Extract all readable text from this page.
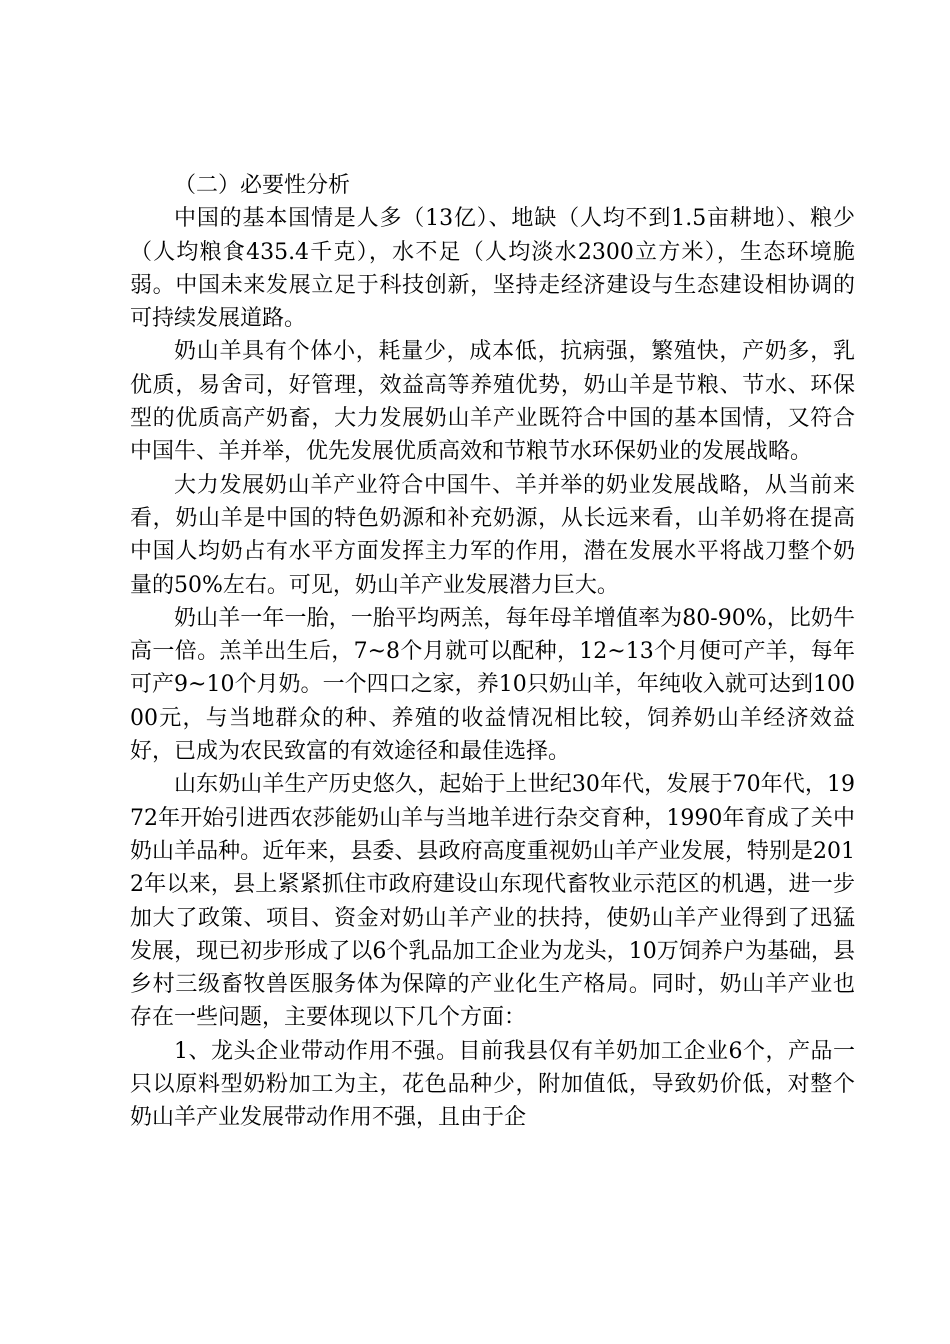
（二）必要性分析

中国的基本国情是人多（13亿）、地缺（人均不到1.5亩耕地）、粮少（人均粮食435.4千克），水不足（人均淡水2300立方米），生态环境脆弱。中国未来发展立足于科技创新，坚持走经济建设与生态建设相协调的可持续发展道路。

奶山羊具有个体小，耗量少，成本低，抗病强，繁殖快，产奶多，乳优质，易舍司，好管理，效益高等养殖优势，奶山羊是节粮、节水、环保型的优质高产奶畜，大力发展奶山羊产业既符合中国的基本国情，又符合中国牛、羊并举，优先发展优质高效和节粮节水环保奶业的发展战略。

大力发展奶山羊产业符合中国牛、羊并举的奶业发展战略，从当前来看，奶山羊是中国的特色奶源和补充奶源，从长远来看，山羊奶将在提高中国人均奶占有水平方面发挥主力军的作用，潜在发展水平将战刀整个奶量的50%左右。可见，奶山羊产业发展潜力巨大。

奶山羊一年一胎，一胎平均两羔，每年母羊增值率为80-90%，比奶牛高一倍。羔羊出生后，7~8个月就可以配种，12~13个月便可产羊，每年可产9~10个月奶。一个四口之家，养10只奶山羊，年纯收入就可达到10000元，与当地群众的种、养殖的收益情况相比较，饲养奶山羊经济效益好，已成为农民致富的有效途径和最佳选择。

山东奶山羊生产历史悠久，起始于上世纪30年代，发展于70年代，1972年开始引进西农莎能奶山羊与当地羊进行杂交育种，1990年育成了关中奶山羊品种。近年来，县委、县政府高度重视奶山羊产业发展，特别是2012年以来，县上紧紧抓住市政府建设山东现代畜牧业示范区的机遇，进一步加大了政策、项目、资金对奶山羊产业的扶持，使奶山羊产业得到了迅猛发展，现已初步形成了以6个乳品加工企业为龙头，10万饲养户为基础，县乡村三级畜牧兽医服务体为保障的产业化生产格局。同时，奶山羊产业也存在一些问题，主要体现以下几个方面：

1、龙头企业带动作用不强。目前我县仅有羊奶加工企业6个，产品一只以原料型奶粉加工为主，花色品种少，附加值低，导致奶价低，对整个奶山羊产业发展带动作用不强，且由于企
